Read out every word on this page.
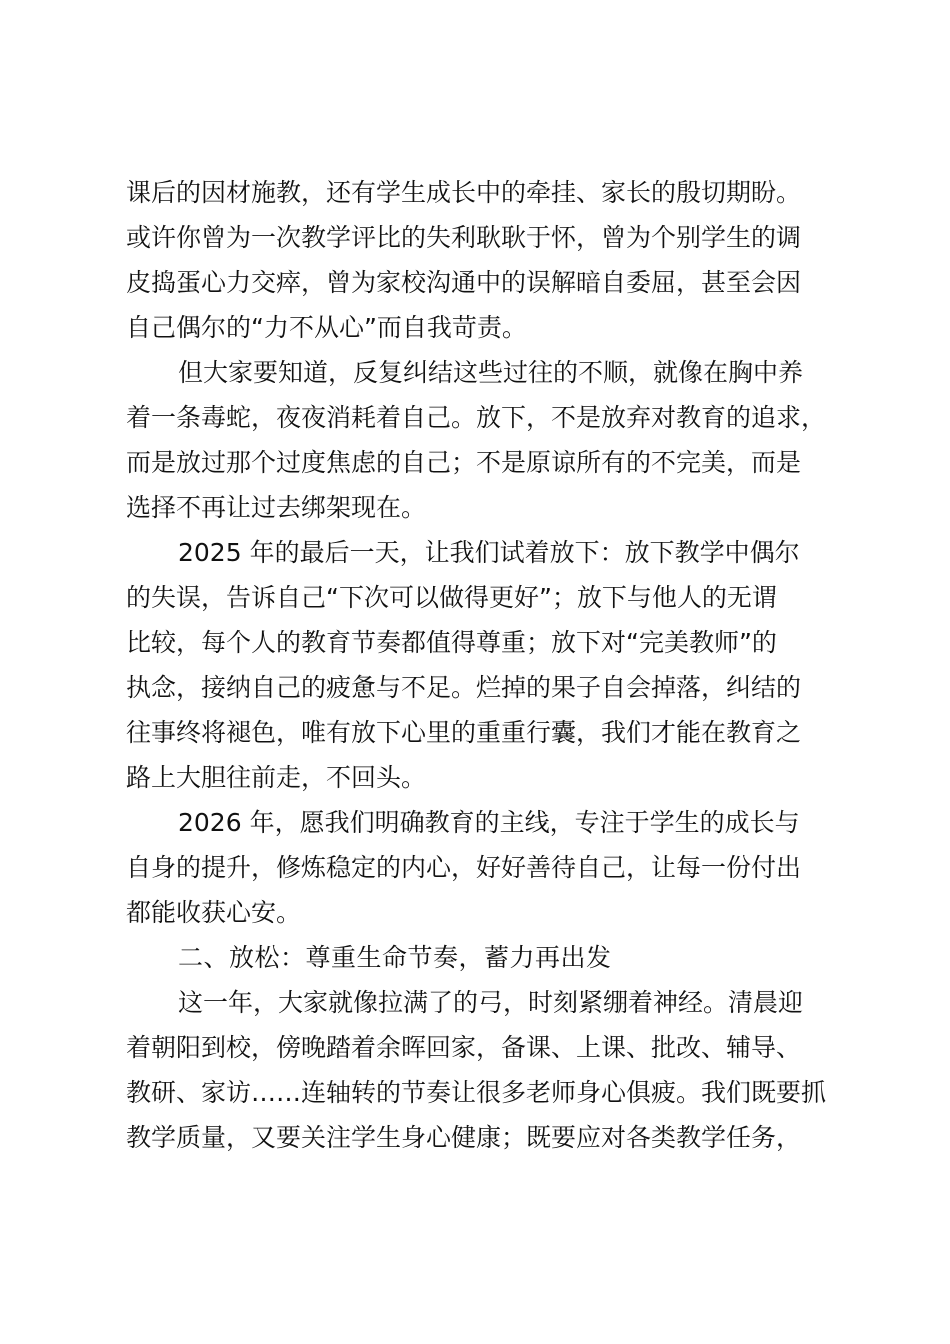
课后的因材施教，还有学生成长中的牵挂、家长的殷切期盼。
或许你曾为一次教学评比的失利耿耿于怀，曾为个别学生的调
皮捣蛋心力交瘁，曾为家校沟通中的误解暗自委屈，甚至会因
自己偶尔的“力不从心”而自我苛责。
但大家要知道，反复纠结这些过往的不顺，就像在胸中养
着一条毒蛇，夜夜消耗着自己。放下，不是放弃对教育的追求，
而是放过那个过度焦虑的自己；不是原谅所有的不完美，而是
选择不再让过去绑架现在。
2025 年的最后一天，让我们试着放下：放下教学中偶尔
的失误，告诉自己“下次可以做得更好”；放下与他人的无谓
比较，每个人的教育节奏都值得尊重；放下对“完美教师”的
执念，接纳自己的疲惫与不足。烂掉的果子自会掉落，纠结的
往事终将褪色，唯有放下心里的重重行囊，我们才能在教育之
路上大胆往前走，不回头。
2026 年，愿我们明确教育的主线，专注于学生的成长与
自身的提升，修炼稳定的内心，好好善待自己，让每一份付出
都能收获心安。
二、放松：尊重生命节奏，蓄力再出发
这一年，大家就像拉满了的弓，时刻紧绷着神经。清晨迎
着朝阳到校，傍晚踏着余晖回家，备课、上课、批改、辅导、
教研、家访……连轴转的节奏让很多老师身心俱疲。我们既要抓
教学质量，又要关注学生身心健康；既要应对各类教学任务，
